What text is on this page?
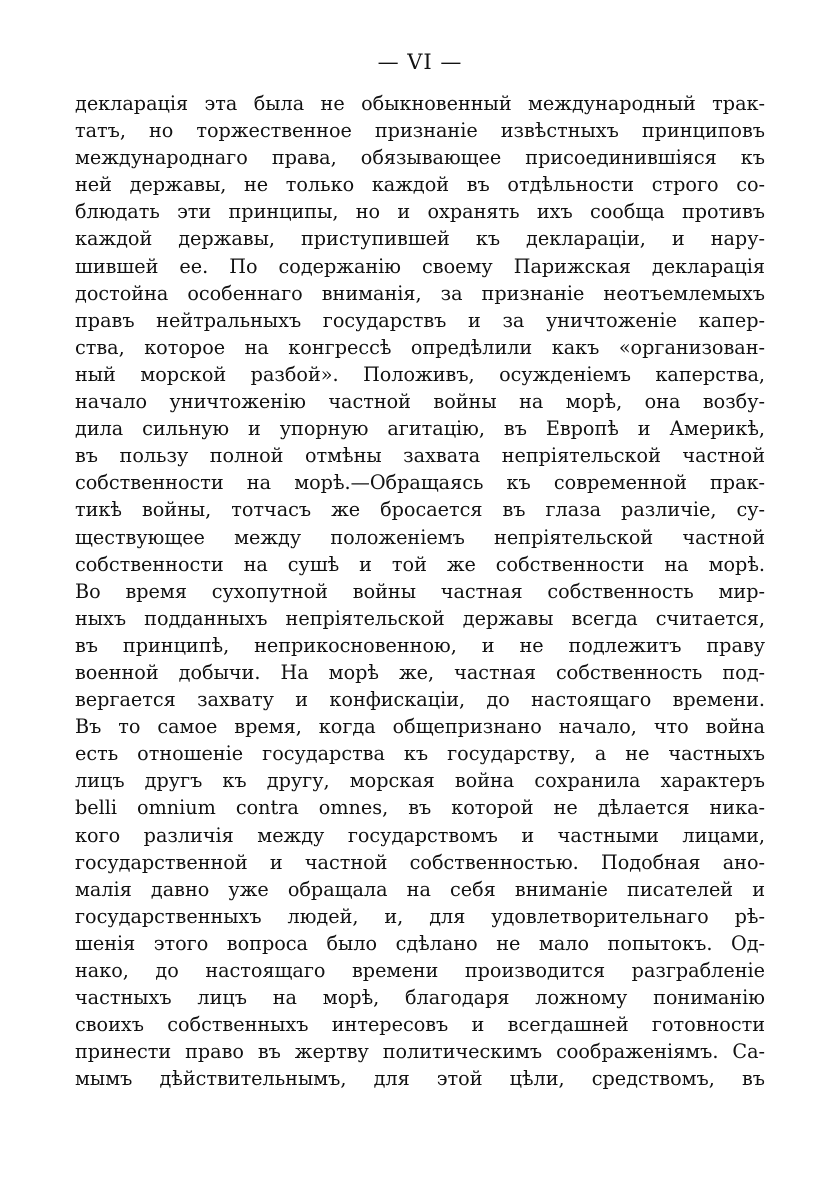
— VI —
декларація эта была не обыкновенный международный трак-
татъ, но торжественное признаніе извѣстныхъ принциповъ
международнаго права, обязывающее присоединившіяся къ
ней державы, не только каждой въ отдѣльности строго со-
блюдать эти принципы, но и охранять ихъ сообща противъ
каждой державы, приступившей къ деклараціи, и нару-
шившей ее. По содержанію своему Парижская декларація
достойна особеннаго вниманія, за признаніе неотъемлемыхъ
правъ нейтральныхъ государствъ и за уничтоженіе капер-
ства, которое на конгрессѣ опредѣлили какъ «организован-
ный морской разбой». Положивъ, осужденіемъ каперства,
начало уничтоженію частной войны на морѣ, она возбу-
дила сильную и упорную агитацію, въ Европѣ и Америкѣ,
въ пользу полной отмѣны захвата непріятельской частной
собственности на морѣ.—Обращаясь къ современной прак-
тикѣ войны, тотчасъ же бросается въ глаза различіе, су-
ществующее между положеніемъ непріятельской частной
собственности на сушѣ и той же собственности на морѣ.
Во время сухопутной войны частная собственность мир-
ныхъ подданныхъ непріятельской державы всегда считается,
въ принципѣ, неприкосновенною, и не подлежитъ праву
военной добычи. На морѣ же, частная собственность под-
вергается захвату и конфискаціи, до настоящаго времени.
Въ то самое время, когда общепризнано начало, что война
есть отношеніе государства къ государству, а не частныхъ
лицъ другъ къ другу, морская война сохранила характеръ
belli omnium contra omnes, въ которой не дѣлается ника-
кого различія между государствомъ и частными лицами,
государственной и частной собственностью. Подобная ано-
малія давно уже обращала на себя вниманіе писателей и
государственныхъ людей, и, для удовлетворительнаго рѣ-
шенія этого вопроса было сдѣлано не мало попытокъ. Од-
нако, до настоящаго времени производится разграбленіе
частныхъ лицъ на морѣ, благодаря ложному пониманію
своихъ собственныхъ интересовъ и всегдашней готовности
принести право въ жертву политическимъ соображеніямъ. Са-
мымъ дѣйствительнымъ, для этой цѣли, средствомъ, въ
